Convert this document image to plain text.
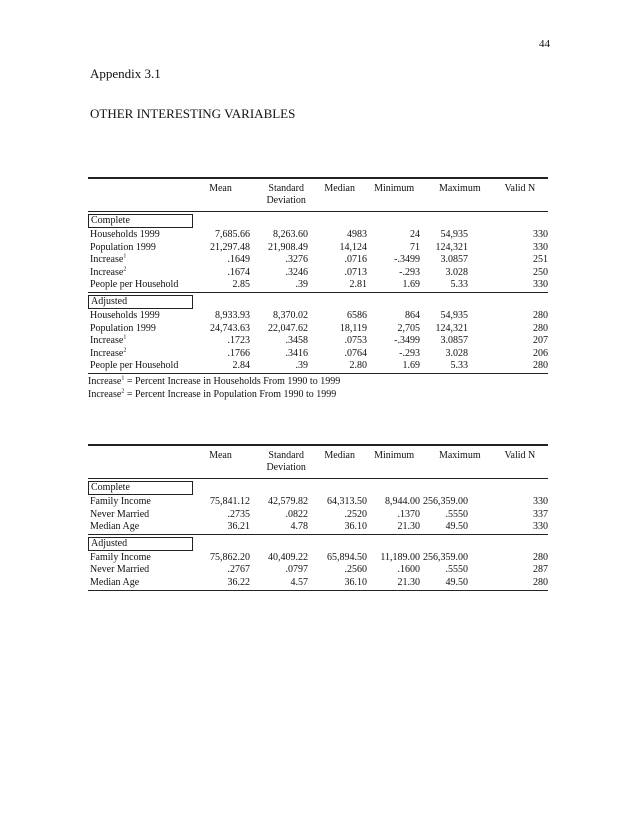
44
Appendix 3.1
OTHER INTERESTING VARIABLES
Mean	Standard
Deviation
Median	Minimum	Maximum	Valid N
Complete
Households 1999	7,685.66	8,263.60	4983	24	54,935	330
Population 1999	21,297.48	21,908.49	14,124	71	124,321	330
Increase$^1$	.1649	.3276	.0716	-.3499	3.0857	251
Increase$^2$	.1674	.3246	.0713	-.293	3.028	250
People per Household	2.85	.39	2.81	1.69	5.33	330
Adjusted
Households 1999	8,933.93	8,370.02	6586	864	54,935	280
Population 1999	24,743.63	22,047.62	18,119	2,705	124,321	280
Increase$^1$	.1723	.3458	.0753	-.3499	3.0857	207
Increase$^2$	.1766	.3416	.0764	-.293	3.028	206
People per Household	2.84	.39	2.80	1.69	5.33	280
Increase$^1$ = Percent Increase in Households From 1990 to 1999
Increase$^2$ = Percent Increase in Population From 1990 to 1999
Mean	Standard
Deviation
Median	Minimum	Maximum	Valid N
Complete
Family Income	75,841.12	42,579.82	64,313.50	8,944.00 256,359.00	330
Never Married	.2735	.0822	.2520	.1370	.5550	337
Median Age	36.21	4.78	36.10	21.30	49.50	330
Adjusted
Family Income	75,862.20	40,409.22	65,894.50	11,189.00 256,359.00	280
Never Married	.2767	.0797	.2560	.1600	.5550	287
Median Age	36.22	4.57	36.10	21.30	49.50	280
